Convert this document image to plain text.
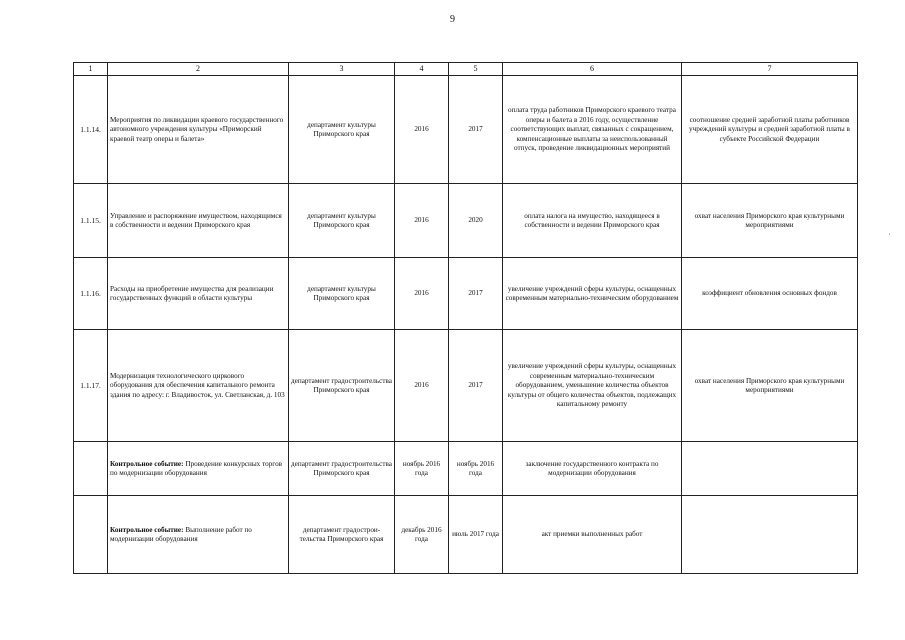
9
1	2	3	4	5	6	7
1.1.14.	Мероприятия по ликвидации краевого государственного автономного учреждения культуры «Приморский краевой театр оперы и балета»	департамент культуры Приморского края	2016	2017	оплата труда работников Приморского краевого театра оперы и балета в 2016 году, осуществление соответствующих выплат, связанных с сокращением, компенсационные выплаты за неиспользованный отпуск, проведение ликвидационных мероприятий	соотношение средней заработной платы работников учреждений культуры и средней заработной платы в субъекте Российской Федерации
1.1.15.	Управление и распоряжение имуществом, находящимся в собственности и ведении Приморского края	департамент культуры Приморского края	2016	2020	оплата налога на имущество, находящееся в собственности и ведении Приморского края	охват населения Приморского края культурными мероприятиями
1.1.16.	Расходы на приобретение имущества для реализации государственных функций в области культуры	департамент культуры Приморского края	2016	2017	увеличение учреждений сферы культуры, оснащенных современным материально-техническим оборудованием	коэффициент обновления основных фондов
1.1.17.	Модернизация технологического циркового оборудования для обеспечения капитального ремонта здания по адресу: г. Владивосток, ул. Светланская, д. 103	департамент градостроительства Приморского края	2016	2017	увеличение учреждений сферы культуры, оснащенных современным материально-техническим оборудованием, уменьшение количества объектов культуры от общего количества объектов, подлежащих капитальному ремонту	охват населения Приморского края культурными мероприятиями
	Контрольное событие: Проведение конкурсных торгов по модернизации оборудования	департамент градостроительства Приморского края	ноябрь 2016 года	ноябрь 2016 года	заключение государственного контракта по модернизации оборудования	
	Контрольное событие: Выполнение работ по модернизации оборудования	департамент градострои-тельства Приморского края	декабрь 2016 года	июль 2017 года	акт приемки выполненных работ	
·
